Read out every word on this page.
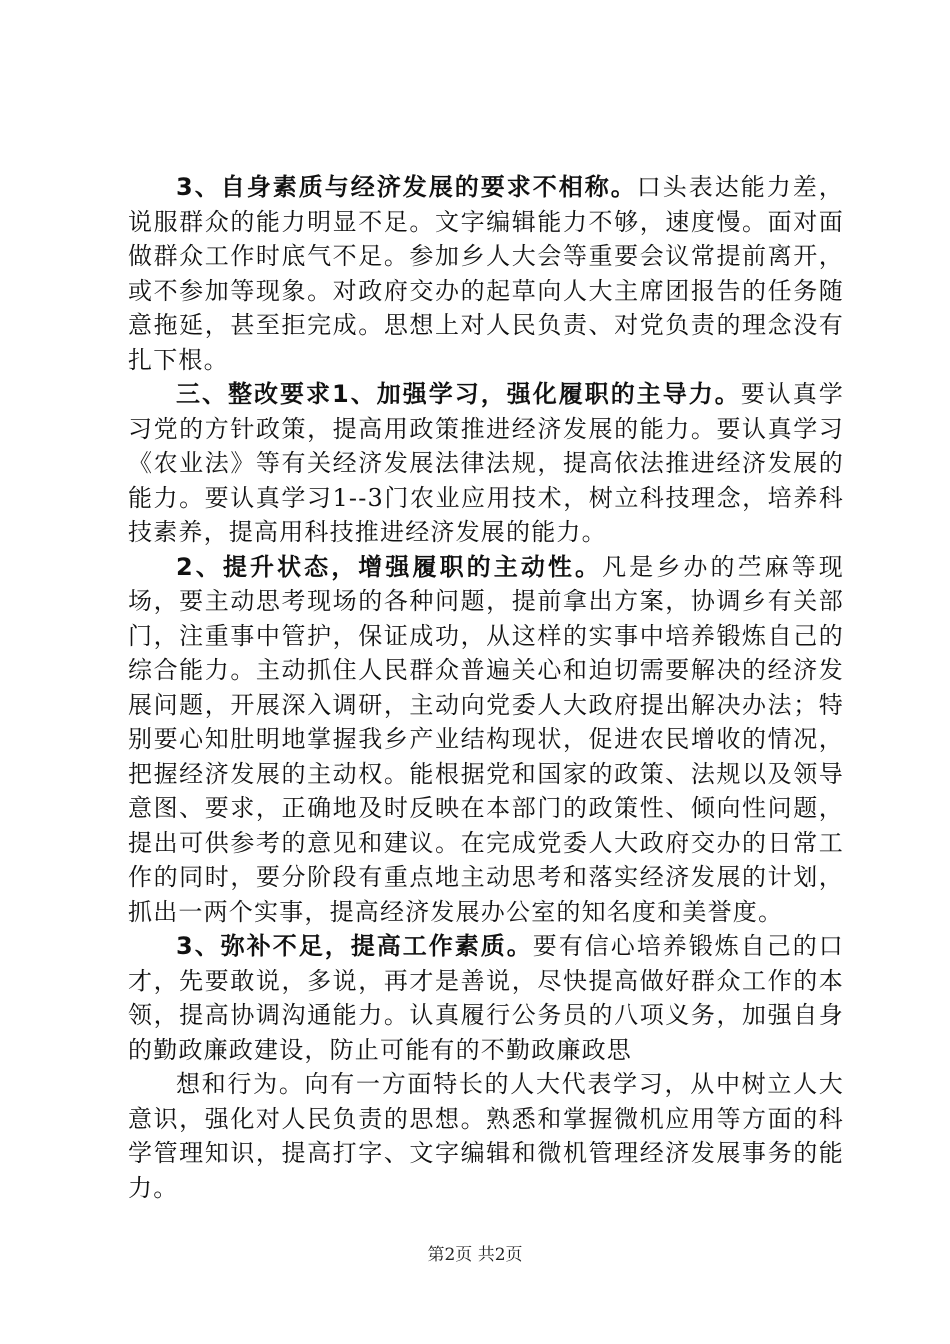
3、自身素质与经济发展的要求不相称。口头表达能力差，说服群众的能力明显不足。文字编辑能力不够，速度慢。面对面做群众工作时底气不足。参加乡人大会等重要会议常提前离开，或不参加等现象。对政府交办的起草向人大主席团报告的任务随意拖延，甚至拒完成。思想上对人民负责、对党负责的理念没有扎下根。

三、整改要求1、加强学习，强化履职的主导力。要认真学习党的方针政策，提高用政策推进经济发展的能力。要认真学习《农业法》等有关经济发展法律法规，提高依法推进经济发展的能力。要认真学习1--3门农业应用技术，树立科技理念，培养科技素养，提高用科技推进经济发展的能力。

2、提升状态，增强履职的主动性。凡是乡办的苎麻等现场，要主动思考现场的各种问题，提前拿出方案，协调乡有关部门，注重事中管护，保证成功，从这样的实事中培养锻炼自己的综合能力。主动抓住人民群众普遍关心和迫切需要解决的经济发展问题，开展深入调研，主动向党委人大政府提出解决办法；特别要心知肚明地掌握我乡产业结构现状，促进农民增收的情况，把握经济发展的主动权。能根据党和国家的政策、法规以及领导意图、要求，正确地及时反映在本部门的政策性、倾向性问题，提出可供参考的意见和建议。在完成党委人大政府交办的日常工作的同时，要分阶段有重点地主动思考和落实经济发展的计划，抓出一两个实事，提高经济发展办公室的知名度和美誉度。

3、弥补不足，提高工作素质。要有信心培养锻炼自己的口才，先要敢说，多说，再才是善说，尽快提高做好群众工作的本领，提高协调沟通能力。认真履行公务员的八项义务，加强自身的勤政廉政建设，防止可能有的不勤政廉政思

想和行为。向有一方面特长的人大代表学习，从中树立人大意识，强化对人民负责的思想。熟悉和掌握微机应用等方面的科学管理知识，提高打字、文字编辑和微机管理经济发展事务的能力。

第2页 共2页
